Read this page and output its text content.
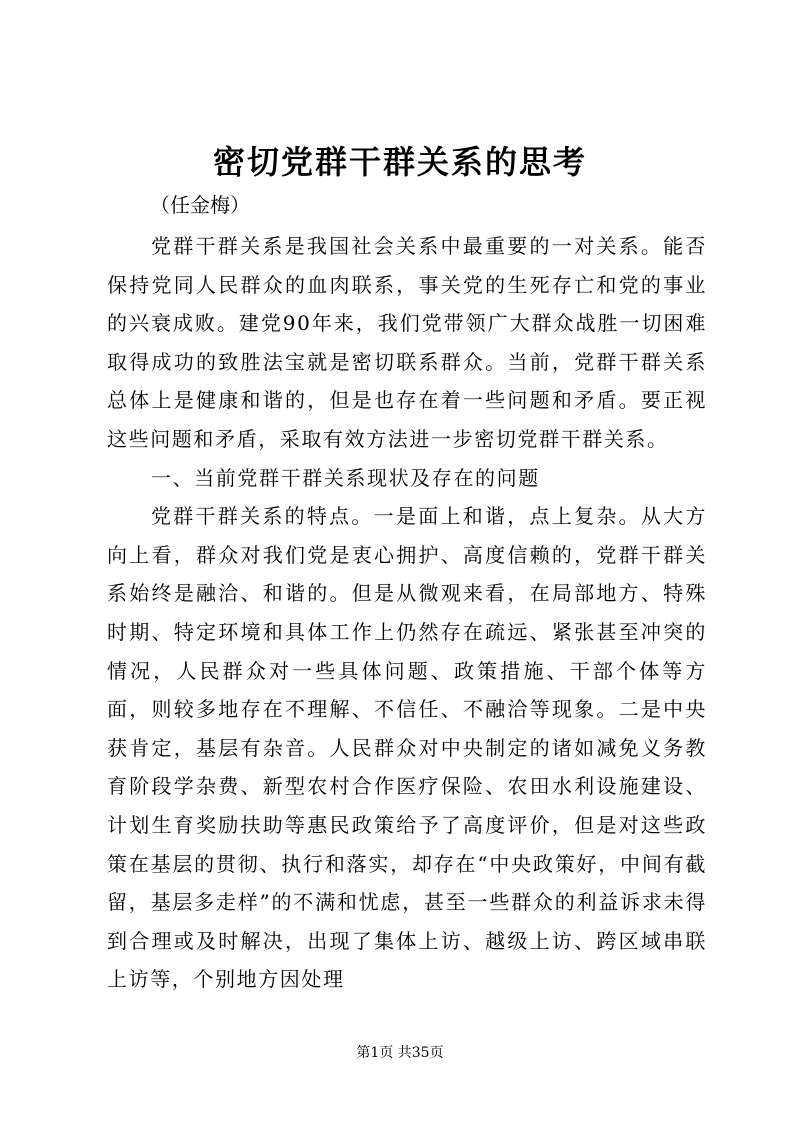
密切党群干群关系的思考

（任金梅）

党群干群关系是我国社会关系中最重要的一对关系。能否保持党同人民群众的血肉联系，事关党的生死存亡和党的事业的兴衰成败。建党90年来，我们党带领广大群众战胜一切困难取得成功的致胜法宝就是密切联系群众。当前，党群干群关系总体上是健康和谐的，但是也存在着一些问题和矛盾。要正视这些问题和矛盾，采取有效方法进一步密切党群干群关系。

一、当前党群干群关系现状及存在的问题

党群干群关系的特点。一是面上和谐，点上复杂。从大方向上看，群众对我们党是衷心拥护、高度信赖的，党群干群关系始终是融洽、和谐的。但是从微观来看，在局部地方、特殊时期、特定环境和具体工作上仍然存在疏远、紧张甚至冲突的情况，人民群众对一些具体问题、政策措施、干部个体等方面，则较多地存在不理解、不信任、不融洽等现象。二是中央获肯定，基层有杂音。人民群众对中央制定的诸如减免义务教育阶段学杂费、新型农村合作医疗保险、农田水利设施建设、计划生育奖励扶助等惠民政策给予了高度评价，但是对这些政策在基层的贯彻、执行和落实，却存在“中央政策好，中间有截留，基层多走样”的不满和忧虑，甚至一些群众的利益诉求未得到合理或及时解决，出现了集体上访、越级上访、跨区域串联上访等，个别地方因处理

第1页 共35页
